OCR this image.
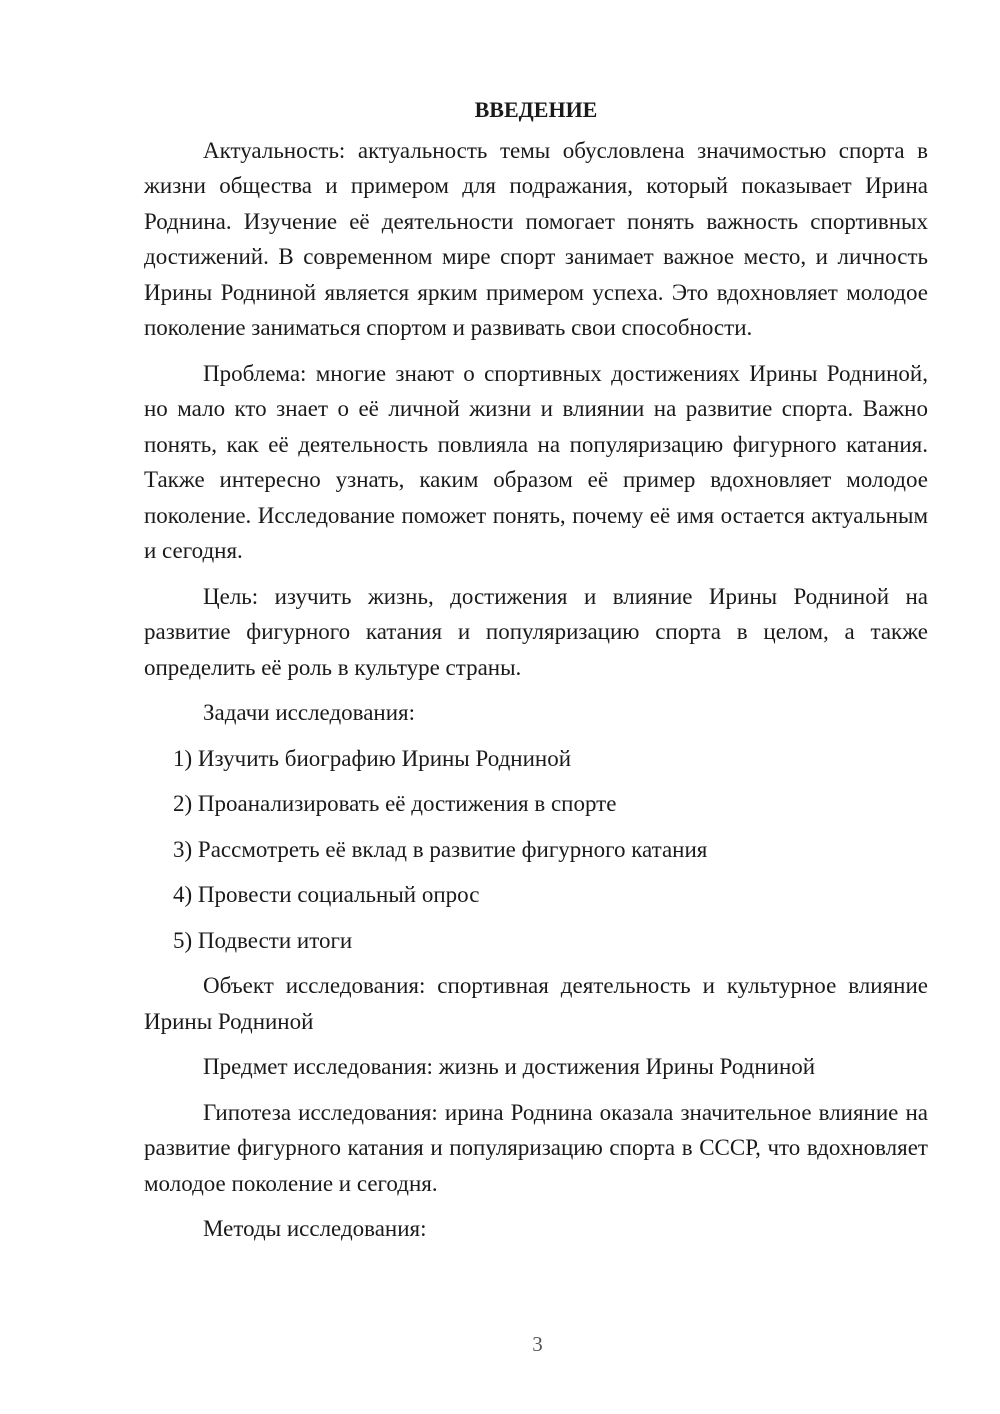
ВВЕДЕНИЕ

Актуальность: актуальность темы обусловлена значимостью спорта в жизни общества и примером для подражания, который показывает Ирина Роднина. Изучение её деятельности помогает понять важность спортивных достижений. В современном мире спорт занимает важное место, и личность Ирины Родниной является ярким примером успеха. Это вдохновляет молодое поколение заниматься спортом и развивать свои способности.

Проблема: многие знают о спортивных достижениях Ирины Родниной, но мало кто знает о её личной жизни и влиянии на развитие спорта. Важно понять, как её деятельность повлияла на популяризацию фигурного катания. Также интересно узнать, каким образом её пример вдохновляет молодое поколение. Исследование поможет понять, почему её имя остается актуальным и сегодня.

Цель: изучить жизнь, достижения и влияние Ирины Родниной на развитие фигурного катания и популяризацию спорта в целом, а также определить её роль в культуре страны.

Задачи исследования:

1) Изучить биографию Ирины Родниной

2) Проанализировать её достижения в спорте

3) Рассмотреть её вклад в развитие фигурного катания

4) Провести социальный опрос

5) Подвести итоги

Объект исследования: спортивная деятельность и культурное влияние Ирины Родниной

Предмет исследования: жизнь и достижения Ирины Родниной

Гипотеза исследования: ирина Роднина оказала значительное влияние на развитие фигурного катания и популяризацию спорта в СССР, что вдохновляет молодое поколение и сегодня.

Методы исследования:

3
